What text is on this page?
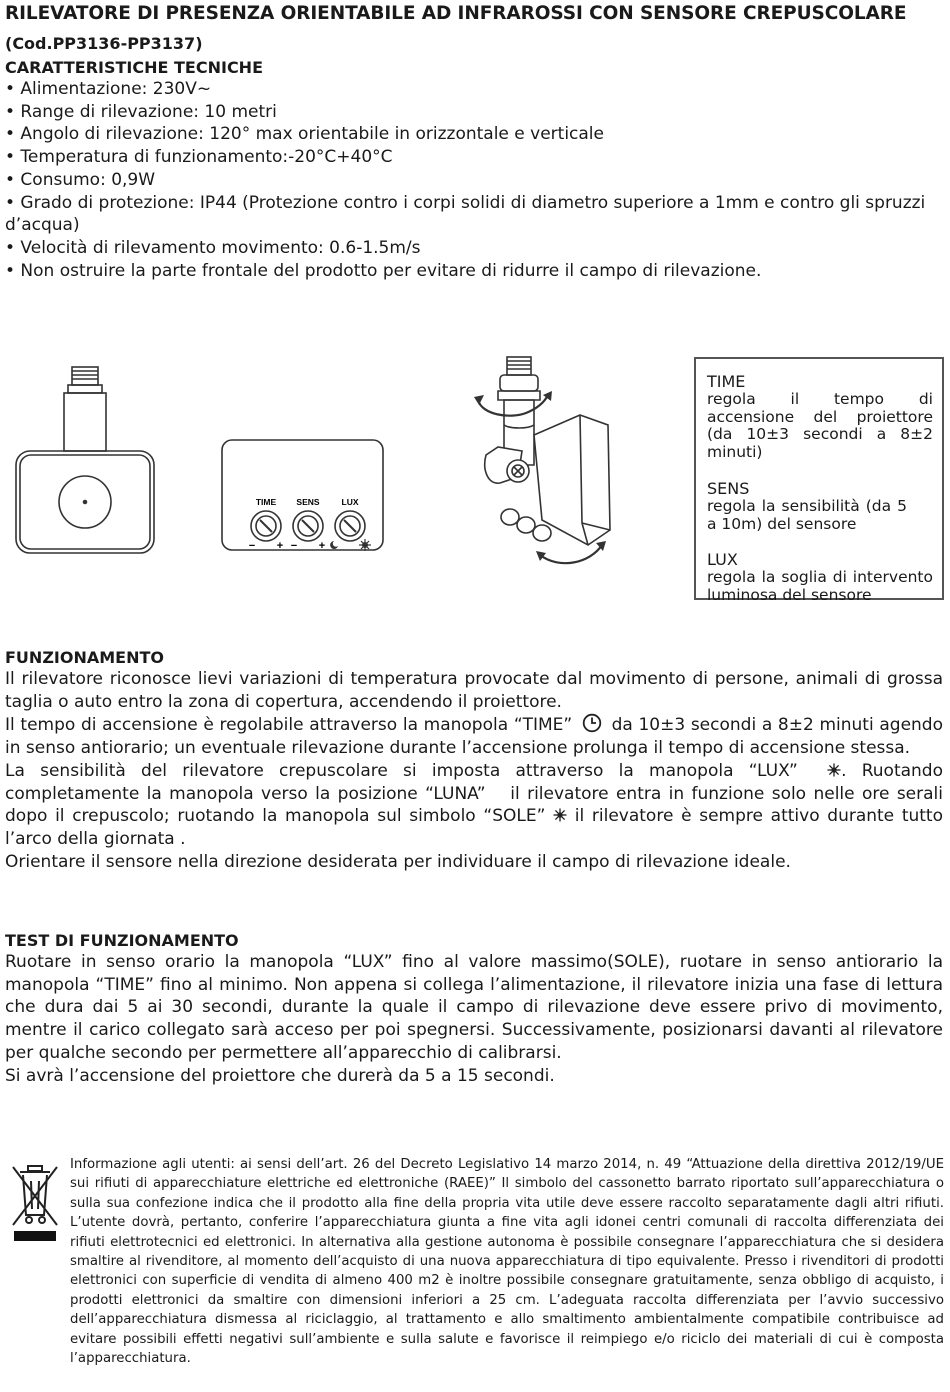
RILEVATORE DI PRESENZA ORIENTABILE AD INFRAROSSI CON SENSORE CREPUSCOLARE
(Cod.PP3136-PP3137)
CARATTERISTICHE TECNICHE
• Alimentazione: 230V~
• Range di rilevazione: 10 metri
• Angolo di rilevazione: 120° max orientabile in orizzontale e verticale
• Temperatura di funzionamento:-20°C+40°C
• Consumo: 0,9W
• Grado di protezione: IP44 (Protezione contro i corpi solidi di diametro superiore a 1mm e contro gli spruzzi d’acqua)
• Velocità di rilevamento movimento: 0.6-1.5m/s
• Non ostruire la parte frontale del prodotto per evitare di ridurre il campo di rilevazione.
TIME SENS	LUX
− + − +
TIME
regola il tempo di accensione del proiettore (da 10±3 secondi a 8±2 minuti)
SENS
regola la sensibilità (da 5 a 10m) del sensore
LUX
regola la soglia di intervento luminosa del sensore
FUNZIONAMENTO
Il rilevatore riconosce lievi variazioni di temperatura provocate dal movimento di persone, animali di grossa taglia o auto entro la zona di copertura, accendendo il proiettore.
Il tempo di accensione è regolabile attraverso la manopola “TIME” da 10±3 secondi a 8±2 minuti agendo in senso antiorario; un eventuale rilevazione durante l’accensione prolunga il tempo di accensione stessa.
La sensibilità del rilevatore crepuscolare si imposta attraverso la manopola “LUX”	. Ruotando completamente la manopola verso la posizione “LUNA” il rilevatore entra in funzione solo nelle ore serali dopo il crepuscolo; ruotando la manopola sul simbolo “SOLE” il rilevatore è sempre attivo durante tutto l’arco della giornata .
Orientare il sensore nella direzione desiderata per individuare il campo di rilevazione ideale.
TEST DI FUNZIONAMENTO
Ruotare in senso orario la manopola “LUX” fino al valore massimo(SOLE), ruotare in senso antiorario la manopola “TIME” fino al minimo. Non appena si collega l’alimentazione, il rilevatore inizia una fase di lettura che dura dai 5 ai 30 secondi, durante la quale il campo di rilevazione deve essere privo di movimento, mentre il carico collegato sarà acceso per poi spegnersi. Successivamente, posizionarsi davanti al rilevatore per qualche secondo per permettere all’apparecchio di calibrarsi.
Si avrà l’accensione del proiettore che durerà da 5 a 15 secondi.
Informazione agli utenti: ai sensi dell’art. 26 del Decreto Legislativo 14 marzo 2014, n. 49 “Attuazione della direttiva 2012/19/UE sui rifiuti di apparecchiature elettriche ed elettroniche (RAEE)” Il simbolo del cassonetto barrato riportato sull’apparecchiatura o sulla sua confezione indica che il prodotto alla fine della propria vita utile deve essere raccolto separatamente dagli altri rifiuti. L’utente dovrà, pertanto, conferire l’apparecchiatura giunta a fine vita agli idonei centri comunali di raccolta differenziata dei rifiuti elettrotecnici ed elettronici. In alternativa alla gestione autonoma è possibile consegnare l’apparecchiatura che si desidera smaltire al rivenditore, al momento dell’acquisto di una nuova apparecchiatura di tipo equivalente. Presso i rivenditori di prodotti elettronici con superficie di vendita di almeno 400 m2 è inoltre possibile consegnare gratuitamente, senza obbligo di acquisto, i prodotti elettronici da smaltire con dimensioni inferiori a 25 cm. L’adeguata raccolta differenziata per l’avvio successivo dell’apparecchiatura dismessa al riciclaggio, al trattamento e allo smaltimento ambientalmente compatibile contribuisce ad evitare possibili effetti negativi sull’ambiente e sulla salute e favorisce il reimpiego e/o riciclo dei materiali di cui è composta l’apparecchiatura.
